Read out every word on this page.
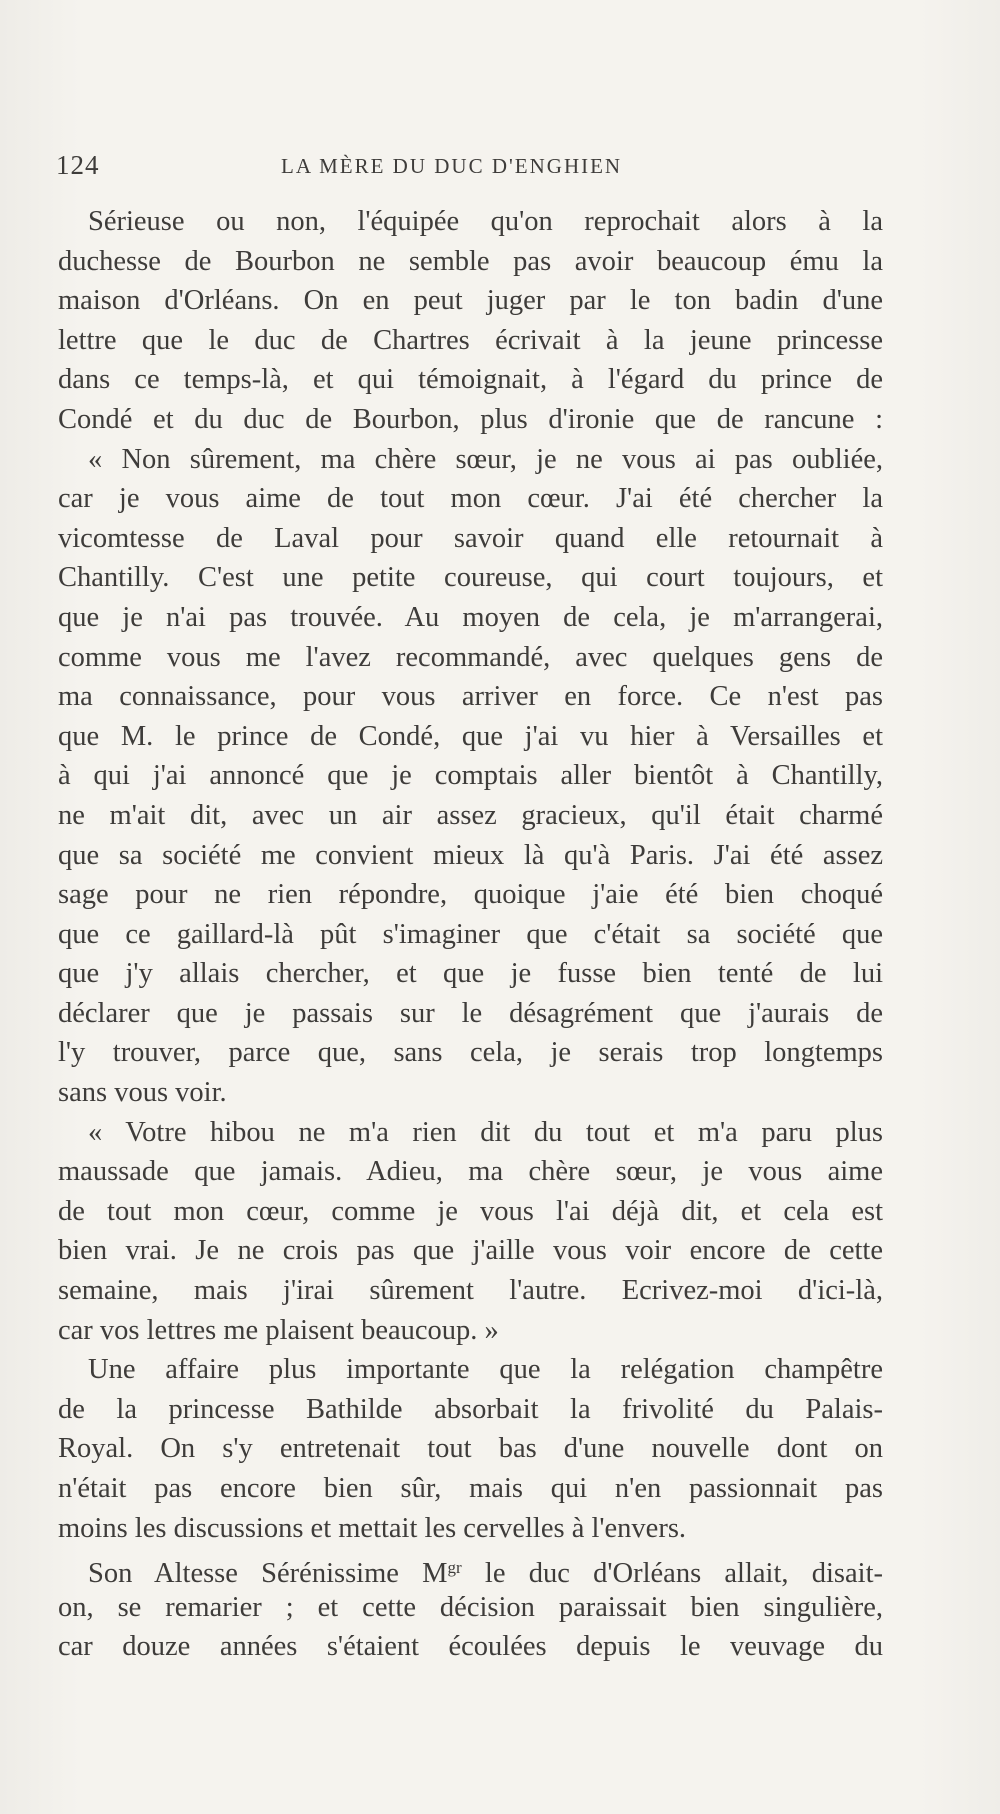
124	LA MÈRE DU DUC D'ENGHIEN
Sérieuse ou non, l'équipée qu'on reprochait alors à la
duchesse de Bourbon ne semble pas avoir beaucoup ému la
maison d'Orléans. On en peut juger par le ton badin d'une
lettre que le duc de Chartres écrivait à la jeune princesse
dans ce temps-là, et qui témoignait, à l'égard du prince de
Condé et du duc de Bourbon, plus d'ironie que de rancune :
« Non sûrement, ma chère sœur, je ne vous ai pas oubliée,
car je vous aime de tout mon cœur. J'ai été chercher la
vicomtesse de Laval pour savoir quand elle retournait à
Chantilly. C'est une petite coureuse, qui court toujours, et
que je n'ai pas trouvée. Au moyen de cela, je m'arrangerai,
comme vous me l'avez recommandé, avec quelques gens de
ma connaissance, pour vous arriver en force. Ce n'est pas
que M. le prince de Condé, que j'ai vu hier à Versailles et
à qui j'ai annoncé que je comptais aller bientôt à Chantilly,
ne m'ait dit, avec un air assez gracieux, qu'il était charmé
que sa société me convient mieux là qu'à Paris. J'ai été assez
sage pour ne rien répondre, quoique j'aie été bien choqué
que ce gaillard-là pût s'imaginer que c'était sa société que
que j'y allais chercher, et que je fusse bien tenté de lui
déclarer que je passais sur le désagrément que j'aurais de
l'y trouver, parce que, sans cela, je serais trop longtemps
sans vous voir.
« Votre hibou ne m'a rien dit du tout et m'a paru plus
maussade que jamais. Adieu, ma chère sœur, je vous aime
de tout mon cœur, comme je vous l'ai déjà dit, et cela est
bien vrai. Je ne crois pas que j'aille vous voir encore de cette
semaine, mais j'irai sûrement l'autre. Ecrivez-moi d'ici-là,
car vos lettres me plaisent beaucoup. »
Une affaire plus importante que la relégation champêtre
de la princesse Bathilde absorbait la frivolité du Palais-
Royal. On s'y entretenait tout bas d'une nouvelle dont on
n'était pas encore bien sûr, mais qui n'en passionnait pas
moins les discussions et mettait les cervelles à l'envers.
Son Altesse Sérénissime $M^{gr}$ le duc d'Orléans allait, disait-
on, se remarier ; et cette décision paraissait bien singulière,
car douze années s'étaient écoulées depuis le veuvage du
